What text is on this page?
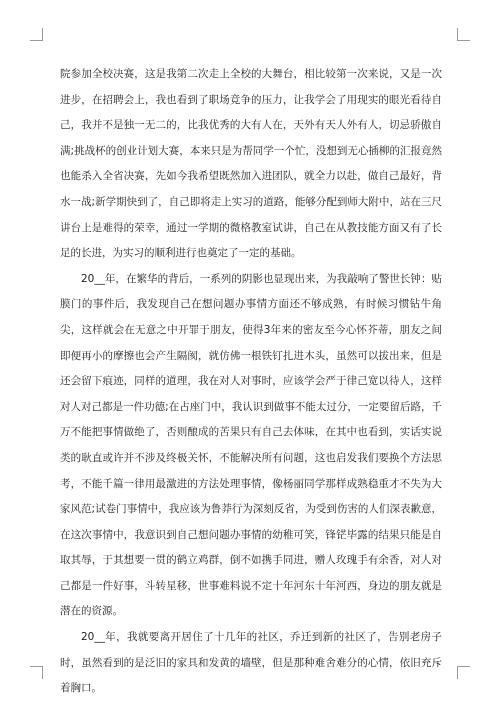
院参加全校决赛，这是我第二次走上全校的大舞台，相比较第一次来说，又是一次进步，在招聘会上，我也看到了职场竞争的压力，让我学会了用现实的眼光看待自己，我并不是独一无二的，比我优秀的大有人在，天外有天人外有人，切忌骄傲自满;挑战杯的创业计划大赛，本来只是为帮同学一个忙，没想到无心插柳的汇报竟然也能杀入全省决赛，先如今我希望既然加入进团队，就全力以赴，做自己最好，背水一战;新学期快到了，自己即将走上实习的道路，能够分配到师大附中，站在三尺讲台上是难得的荣幸，通过一学期的微格教室试讲，自己在从教技能方面又有了长足的长进，为实习的顺利进行也奠定了一定的基础。

20__年，在繁华的背后，一系列的阴影也显现出来，为我敲响了警世长钟：贴膜门的事件后，我发现自己在想问题办事情方面还不够成熟，有时候习惯钻牛角尖，这样就会在无意之中开罪于朋友，使得3年来的密友至今心怀芥蒂，朋友之间即便再小的摩擦也会产生隔阂，就仿佛一根铁钉扎进木头，虽然可以拔出来，但是还会留下痕迹，同样的道理，我在对人对事时，应该学会严于律己宽以待人，这样对人对己都是一件功德;在占座门中，我认识到做事不能太过分，一定要留后路，千万不能把事情做绝了，否则酿成的苦果只有自己去体味，在其中也看到，实话实说类的耿直或许并不涉及终极关怀，不能解决所有问题，这也启发我们要换个方法思考，不能千篇一律用最激进的方法处理事情，像杨丽同学那样成熟稳重才不失为大家风范;试卷门事情中，我应该为鲁莽行为深刻反省，为受到伤害的人们深表歉意，在这次事情中，我意识到自己想问题办事情的幼稚可笑，锋铓毕露的结果只能是自取其辱，于其想要一贯的鹤立鸡群，倒不如携手同进，赠人玫瑰手有余香，对人对己都是一件好事，斗转星移，世事难料说不定十年河东十年河西，身边的朋友就是潜在的资源。

20__年，我就要离开居住了十几年的社区，乔迁到新的社区了，告别老房子时，虽然看到的是泛旧的家具和发黄的墙壁，但是那种难舍难分的心情，依旧充斥着胸口。
